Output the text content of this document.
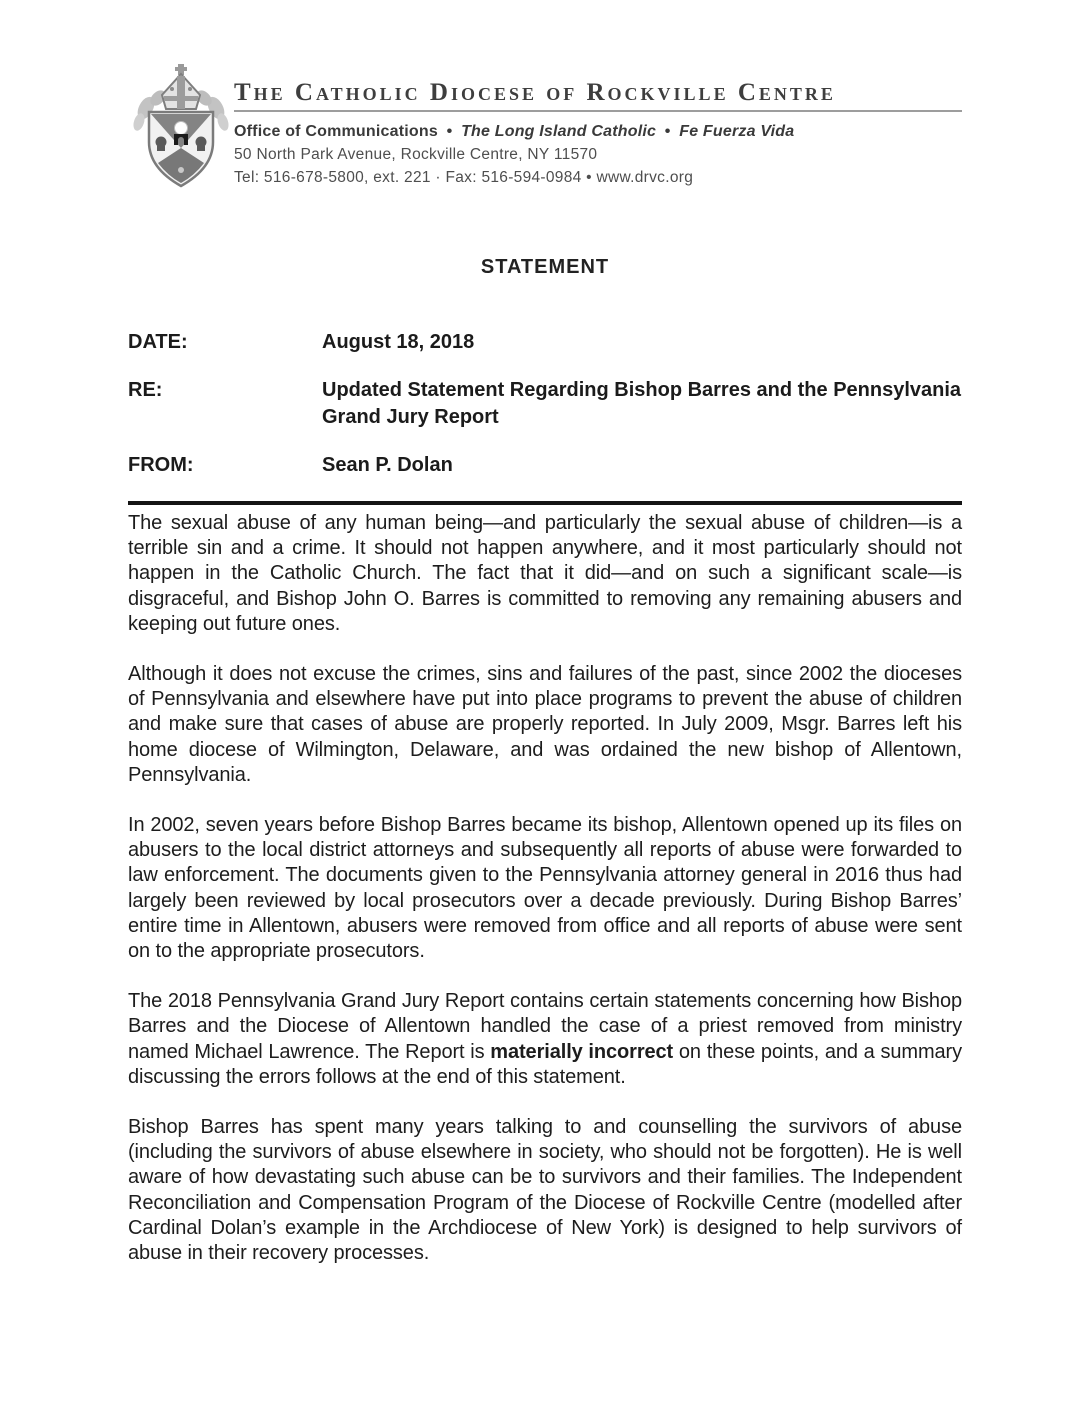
The Catholic Diocese of Rockville Centre
Office of Communications • The Long Island Catholic • Fe Fuerza Vida
50 North Park Avenue, Rockville Centre, NY 11570
Tel: 516-678-5800, ext. 221 · Fax: 516-594-0984 • www.drvc.org
STATEMENT
DATE:	August 18, 2018
RE:	Updated Statement Regarding Bishop Barres and the Pennsylvania Grand Jury Report
FROM:	Sean P. Dolan

The sexual abuse of any human being—and particularly the sexual abuse of children—is a terrible sin and a crime. It should not happen anywhere, and it most particularly should not happen in the Catholic Church. The fact that it did—and on such a significant scale—is disgraceful, and Bishop John O. Barres is committed to removing any remaining abusers and keeping out future ones.

Although it does not excuse the crimes, sins and failures of the past, since 2002 the dioceses of Pennsylvania and elsewhere have put into place programs to prevent the abuse of children and make sure that cases of abuse are properly reported. In July 2009, Msgr. Barres left his home diocese of Wilmington, Delaware, and was ordained the new bishop of Allentown, Pennsylvania.

In 2002, seven years before Bishop Barres became its bishop, Allentown opened up its files on abusers to the local district attorneys and subsequently all reports of abuse were forwarded to law enforcement. The documents given to the Pennsylvania attorney general in 2016 thus had largely been reviewed by local prosecutors over a decade previously. During Bishop Barres’ entire time in Allentown, abusers were removed from office and all reports of abuse were sent on to the appropriate prosecutors.

The 2018 Pennsylvania Grand Jury Report contains certain statements concerning how Bishop Barres and the Diocese of Allentown handled the case of a priest removed from ministry named Michael Lawrence. The Report is materially incorrect on these points, and a summary discussing the errors follows at the end of this statement.

Bishop Barres has spent many years talking to and counselling the survivors of abuse (including the survivors of abuse elsewhere in society, who should not be forgotten). He is well aware of how devastating such abuse can be to survivors and their families. The Independent Reconciliation and Compensation Program of the Diocese of Rockville Centre (modelled after Cardinal Dolan’s example in the Archdiocese of New York) is designed to help survivors of abuse in their recovery processes.
